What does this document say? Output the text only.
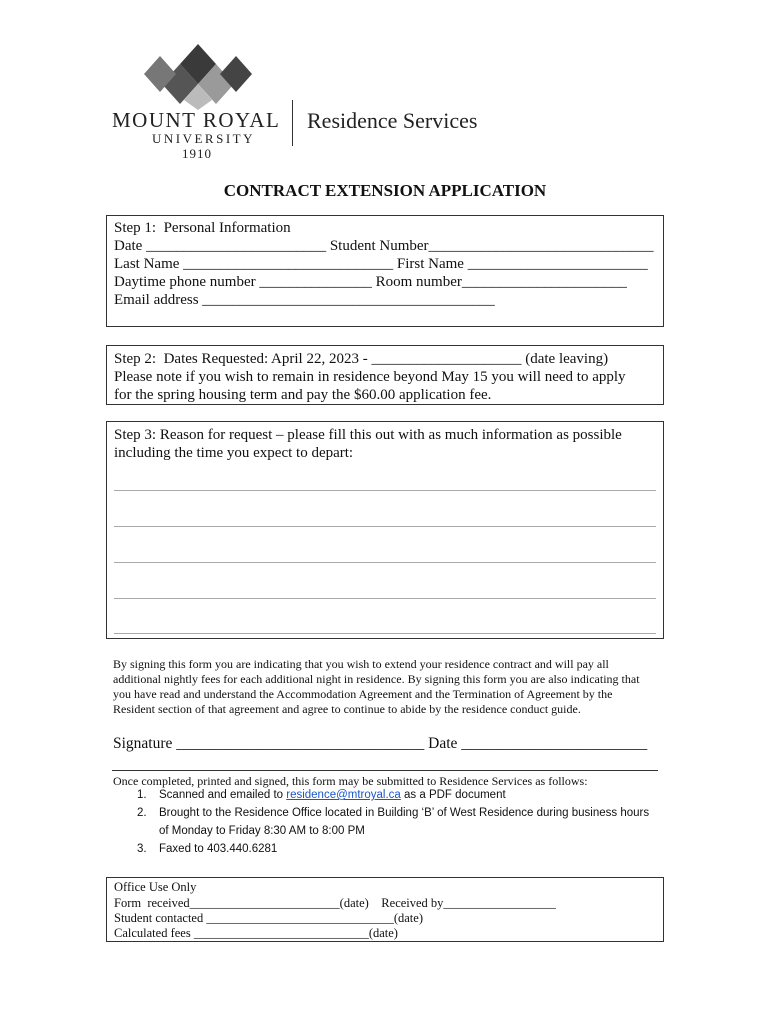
MOUNT ROYAL
UNIVERSITY
1910
Residence Services
CONTRACT EXTENSION APPLICATION
Step 1:  Personal Information
Date ________________________ Student Number______________________________
Last Name ____________________________ First Name ________________________
Daytime phone number _______________ Room number______________________
Email address _______________________________________
Step 2:  Dates Requested: April 22, 2023 - ____________________ (date leaving)
Please note if you wish to remain in residence beyond May 15 you will need to apply
for the spring housing term and pay the $60.00 application fee.
Step 3: Reason for request – please fill this out with as much information as possible including the time you expect to depart:
By signing this form you are indicating that you wish to extend your residence contract and will pay all additional nightly fees for each additional night in residence. By signing this form you are also indicating that you have read and understand the Accommodation Agreement and the Termination of Agreement by the Resident section of that agreement and agree to continue to abide by the residence conduct guide.
Signature ________________________________ Date ________________________
Once completed, printed and signed, this form may be submitted to Residence Services as follows:
1. Scanned and emailed to residence@mtroyal.ca as a PDF document
2. Brought to the Residence Office located in Building ‘B’ of West Residence during business hours
of Monday to Friday 8:30 AM to 8:00 PM
3. Faxed to 403.440.6281
Office Use Only
Form  received________________________(date)    Received by__________________
Student contacted ______________________________(date)
Calculated fees ____________________________(date)
